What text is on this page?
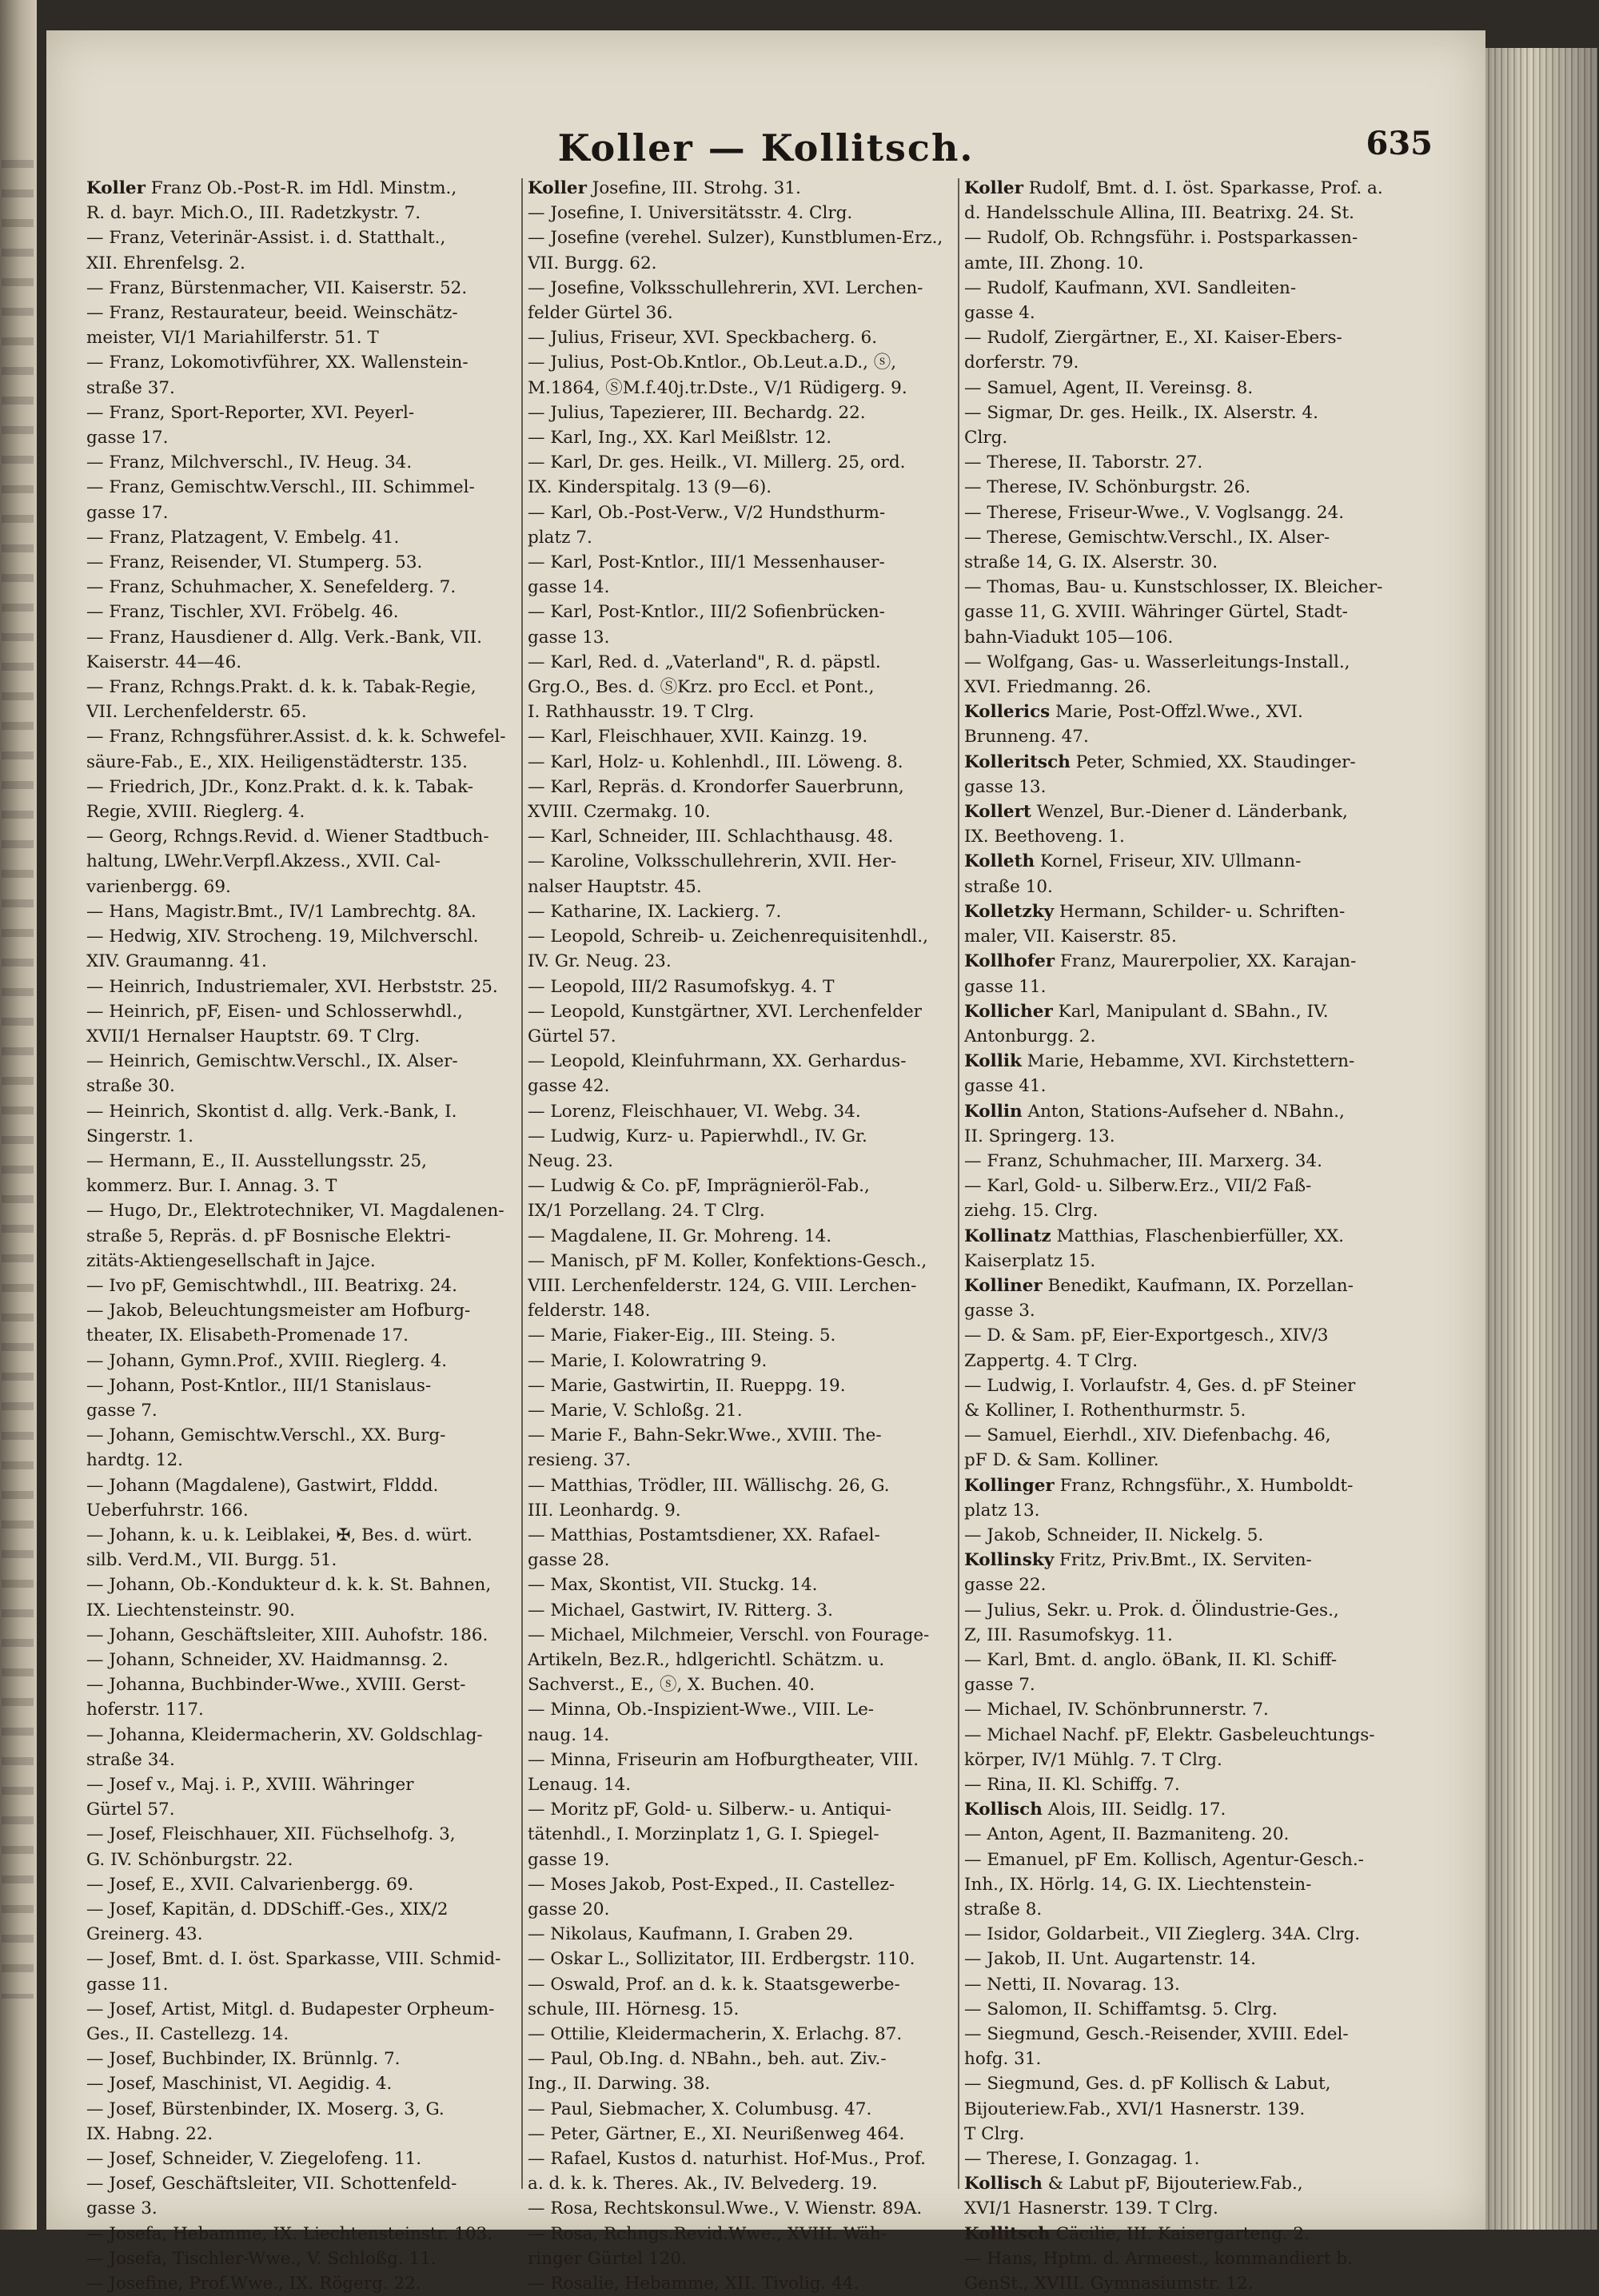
Koller — Kollitsch.	635
Koller Franz Ob.-Post-R. im Hdl. Minstm.,
R. d. bayr. Mich.O., III. Radetzkystr. 7.
— Franz, Veterinär-Assist. i. d. Statthalt.,
XII. Ehrenfelsg. 2.
— Franz, Bürstenmacher, VII. Kaiserstr. 52.
— Franz, Restaurateur, beeid. Weinschätz-
meister, VI/1 Mariahilferstr. 51. T
— Franz, Lokomotivführer, XX. Wallenstein-
straße 37.
— Franz, Sport-Reporter, XVI. Peyerl-
gasse 17.
— Franz, Milchverschl., IV. Heug. 34.
— Franz, Gemischtw.Verschl., III. Schimmel-
gasse 17.
— Franz, Platzagent, V. Embelg. 41.
— Franz, Reisender, VI. Stumperg. 53.
— Franz, Schuhmacher, X. Senefelderg. 7.
— Franz, Tischler, XVI. Fröbelg. 46.
— Franz, Hausdiener d. Allg. Verk.-Bank, VII.
Kaiserstr. 44—46.
— Franz, Rchngs.Prakt. d. k. k. Tabak-Regie,
VII. Lerchenfelderstr. 65.
— Franz, Rchngsführer.Assist. d. k. k. Schwefel-
säure-Fab., E., XIX. Heiligenstädterstr. 135.
— Friedrich, JDr., Konz.Prakt. d. k. k. Tabak-
Regie, XVIII. Rieglerg. 4.
— Georg, Rchngs.Revid. d. Wiener Stadtbuch-
haltung, LWehr.Verpfl.Akzess., XVII. Cal-
varienbergg. 69.
— Hans, Magistr.Bmt., IV/1 Lambrechtg. 8A.
— Hedwig, XIV. Strocheng. 19, Milchverschl.
XIV. Graumanng. 41.
— Heinrich, Industriemaler, XVI. Herbststr. 25.
— Heinrich, pF, Eisen- und Schlosserwhdl.,
XVII/1 Hernalser Hauptstr. 69. T Clrg.
— Heinrich, Gemischtw.Verschl., IX. Alser-
straße 30.
— Heinrich, Skontist d. allg. Verk.-Bank, I.
Singerstr. 1.
— Hermann, E., II. Ausstellungsstr. 25,
kommerz. Bur. I. Annag. 3. T
— Hugo, Dr., Elektrotechniker, VI. Magdalenen-
straße 5, Repräs. d. pF Bosnische Elektri-
zitäts-Aktiengesellschaft in Jajce.
— Ivo pF, Gemischtwhdl., III. Beatrixg. 24.
— Jakob, Beleuchtungsmeister am Hofburg-
theater, IX. Elisabeth-Promenade 17.
— Johann, Gymn.Prof., XVIII. Rieglerg. 4.
— Johann, Post-Kntlor., III/1 Stanislaus-
gasse 7.
— Johann, Gemischtw.Verschl., XX. Burg-
hardtg. 12.
— Johann (Magdalene), Gastwirt, Flddd.
Ueberfuhrstr. 166.
— Johann, k. u. k. Leiblakei, ✠, Bes. d. würt.
silb. Verd.M., VII. Burgg. 51.
— Johann, Ob.-Kondukteur d. k. k. St. Bahnen,
IX. Liechtensteinstr. 90.
— Johann, Geschäftsleiter, XIII. Auhofstr. 186.
— Johann, Schneider, XV. Haidmannsg. 2.
— Johanna, Buchbinder-Wwe., XVIII. Gerst-
hoferstr. 117.
— Johanna, Kleidermacherin, XV. Goldschlag-
straße 34.
— Josef v., Maj. i. P., XVIII. Währinger
Gürtel 57.
— Josef, Fleischhauer, XII. Füchselhofg. 3,
G. IV. Schönburgstr. 22.
— Josef, E., XVII. Calvarienbergg. 69.
— Josef, Kapitän, d. DDSchiff.-Ges., XIX/2
Greinerg. 43.
— Josef, Bmt. d. I. öst. Sparkasse, VIII. Schmid-
gasse 11.
— Josef, Artist, Mitgl. d. Budapester Orpheum-
Ges., II. Castellezg. 14.
— Josef, Buchbinder, IX. Brünnlg. 7.
— Josef, Maschinist, VI. Aegidig. 4.
— Josef, Bürstenbinder, IX. Moserg. 3, G.
IX. Habng. 22.
— Josef, Schneider, V. Ziegelofeng. 11.
— Josef, Geschäftsleiter, VII. Schottenfeld-
gasse 3.
— Josefa, Hebamme, IX. Liechtensteinstr. 103.
— Josefa, Tischler-Wwe., V. Schloßg. 11.
— Josefine, Prof.Wwe., IX. Rögerg. 22.
Koller Josefine, III. Strohg. 31.
— Josefine, I. Universitätsstr. 4. Clrg.
— Josefine (verehel. Sulzer), Kunstblumen-Erz.,
VII. Burgg. 62.
— Josefine, Volksschullehrerin, XVI. Lerchen-
felder Gürtel 36.
— Julius, Friseur, XVI. Speckbacherg. 6.
— Julius, Post-Ob.Kntlor., Ob.Leut.a.D., ⓢ,
M.1864, ⓈM.f.40j.tr.Dste., V/1 Rüdigerg. 9.
— Julius, Tapezierer, III. Bechardg. 22.
— Karl, Ing., XX. Karl Meißlstr. 12.
— Karl, Dr. ges. Heilk., VI. Millerg. 25, ord.
IX. Kinderspitalg. 13 (9—6).
— Karl, Ob.-Post-Verw., V/2 Hundsthurm-
platz 7.
— Karl, Post-Kntlor., III/1 Messenhauser-
gasse 14.
— Karl, Post-Kntlor., III/2 Sofienbrücken-
gasse 13.
— Karl, Red. d. „Vaterland", R. d. päpstl.
Grg.O., Bes. d. ⓈKrz. pro Eccl. et Pont.,
I. Rathhausstr. 19. T Clrg.
— Karl, Fleischhauer, XVII. Kainzg. 19.
— Karl, Holz- u. Kohlenhdl., III. Löweng. 8.
— Karl, Repräs. d. Krondorfer Sauerbrunn,
XVIII. Czermakg. 10.
— Karl, Schneider, III. Schlachthausg. 48.
— Karoline, Volksschullehrerin, XVII. Her-
nalser Hauptstr. 45.
— Katharine, IX. Lackierg. 7.
— Leopold, Schreib- u. Zeichenrequisitenhdl.,
IV. Gr. Neug. 23.
— Leopold, III/2 Rasumofskyg. 4. T
— Leopold, Kunstgärtner, XVI. Lerchenfelder
Gürtel 57.
— Leopold, Kleinfuhrmann, XX. Gerhardus-
gasse 42.
— Lorenz, Fleischhauer, VI. Webg. 34.
— Ludwig, Kurz- u. Papierwhdl., IV. Gr.
Neug. 23.
— Ludwig & Co. pF, Imprägnieröl-Fab.,
IX/1 Porzellang. 24. T Clrg.
— Magdalene, II. Gr. Mohreng. 14.
— Manisch, pF M. Koller, Konfektions-Gesch.,
VIII. Lerchenfelderstr. 124, G. VIII. Lerchen-
felderstr. 148.
— Marie, Fiaker-Eig., III. Steing. 5.
— Marie, I. Kolowratring 9.
— Marie, Gastwirtin, II. Rueppg. 19.
— Marie, V. Schloßg. 21.
— Marie F., Bahn-Sekr.Wwe., XVIII. The-
resieng. 37.
— Matthias, Trödler, III. Wällischg. 26, G.
III. Leonhardg. 9.
— Matthias, Postamtsdiener, XX. Rafael-
gasse 28.
— Max, Skontist, VII. Stuckg. 14.
— Michael, Gastwirt, IV. Ritterg. 3.
— Michael, Milchmeier, Verschl. von Fourage-
Artikeln, Bez.R., hdlgerichtl. Schätzm. u.
Sachverst., E., ⓢ, X. Buchen. 40.
— Minna, Ob.-Inspizient-Wwe., VIII. Le-
naug. 14.
— Minna, Friseurin am Hofburgtheater, VIII.
Lenaug. 14.
— Moritz pF, Gold- u. Silberw.- u. Antiqui-
tätenhdl., I. Morzinplatz 1, G. I. Spiegel-
gasse 19.
— Moses Jakob, Post-Exped., II. Castellez-
gasse 20.
— Nikolaus, Kaufmann, I. Graben 29.
— Oskar L., Sollizitator, III. Erdbergstr. 110.
— Oswald, Prof. an d. k. k. Staatsgewerbe-
schule, III. Hörnesg. 15.
— Ottilie, Kleidermacherin, X. Erlachg. 87.
— Paul, Ob.Ing. d. NBahn., beh. aut. Ziv.-
Ing., II. Darwing. 38.
— Paul, Siebmacher, X. Columbusg. 47.
— Peter, Gärtner, E., XI. Neurißenweg 464.
— Rafael, Kustos d. naturhist. Hof-Mus., Prof.
a. d. k. k. Theres. Ak., IV. Belvederg. 19.
— Rosa, Rechtskonsul.Wwe., V. Wienstr. 89A.
— Rosa, Rchngs.Revid.Wwe., XVIII. Wäh-
ringer Gürtel 120.
— Rosalie, Hebamme, XII. Tivolig. 44.
Koller Rudolf, Bmt. d. I. öst. Sparkasse, Prof. a.
d. Handelsschule Allina, III. Beatrixg. 24. St.
— Rudolf, Ob. Rchngsführ. i. Postsparkassen-
amte, III. Zhong. 10.
— Rudolf, Kaufmann, XVI. Sandleiten-
gasse 4.
— Rudolf, Ziergärtner, E., XI. Kaiser-Ebers-
dorferstr. 79.
— Samuel, Agent, II. Vereinsg. 8.
— Sigmar, Dr. ges. Heilk., IX. Alserstr. 4.
Clrg.
— Therese, II. Taborstr. 27.
— Therese, IV. Schönburgstr. 26.
— Therese, Friseur-Wwe., V. Voglsangg. 24.
— Therese, Gemischtw.Verschl., IX. Alser-
straße 14, G. IX. Alserstr. 30.
— Thomas, Bau- u. Kunstschlosser, IX. Bleicher-
gasse 11, G. XVIII. Währinger Gürtel, Stadt-
bahn-Viadukt 105—106.
— Wolfgang, Gas- u. Wasserleitungs-Install.,
XVI. Friedmanng. 26.
Kollerics Marie, Post-Offzl.Wwe., XVI.
Brunneng. 47.
Kolleritsch Peter, Schmied, XX. Staudinger-
gasse 13.
Kollert Wenzel, Bur.-Diener d. Länderbank,
IX. Beethoveng. 1.
Kolleth Kornel, Friseur, XIV. Ullmann-
straße 10.
Kolletzky Hermann, Schilder- u. Schriften-
maler, VII. Kaiserstr. 85.
Kollhofer Franz, Maurerpolier, XX. Karajan-
gasse 11.
Kollicher Karl, Manipulant d. SBahn., IV.
Antonburgg. 2.
Kollik Marie, Hebamme, XVI. Kirchstettern-
gasse 41.
Kollin Anton, Stations-Aufseher d. NBahn.,
II. Springerg. 13.
— Franz, Schuhmacher, III. Marxerg. 34.
— Karl, Gold- u. Silberw.Erz., VII/2 Faß-
ziehg. 15. Clrg.
Kollinatz Matthias, Flaschenbierfüller, XX.
Kaiserplatz 15.
Kolliner Benedikt, Kaufmann, IX. Porzellan-
gasse 3.
— D. & Sam. pF, Eier-Exportgesch., XIV/3
Zappertg. 4. T Clrg.
— Ludwig, I. Vorlaufstr. 4, Ges. d. pF Steiner
& Kolliner, I. Rothenthurmstr. 5.
— Samuel, Eierhdl., XIV. Diefenbachg. 46,
pF D. & Sam. Kolliner.
Kollinger Franz, Rchngsführ., X. Humboldt-
platz 13.
— Jakob, Schneider, II. Nickelg. 5.
Kollinsky Fritz, Priv.Bmt., IX. Serviten-
gasse 22.
— Julius, Sekr. u. Prok. d. Ölindustrie-Ges.,
Z, III. Rasumofskyg. 11.
— Karl, Bmt. d. anglo. öBank, II. Kl. Schiff-
gasse 7.
— Michael, IV. Schönbrunnerstr. 7.
— Michael Nachf. pF, Elektr. Gasbeleuchtungs-
körper, IV/1 Mühlg. 7. T Clrg.
— Rina, II. Kl. Schiffg. 7.
Kollisch Alois, III. Seidlg. 17.
— Anton, Agent, II. Bazmaniteng. 20.
— Emanuel, pF Em. Kollisch, Agentur-Gesch.-
Inh., IX. Hörlg. 14, G. IX. Liechtenstein-
straße 8.
— Isidor, Goldarbeit., VII Zieglerg. 34A. Clrg.
— Jakob, II. Unt. Augartenstr. 14.
— Netti, II. Novarag. 13.
— Salomon, II. Schiffamtsg. 5. Clrg.
— Siegmund, Gesch.-Reisender, XVIII. Edel-
hofg. 31.
— Siegmund, Ges. d. pF Kollisch & Labut,
Bijouteriew.Fab., XVI/1 Hasnerstr. 139.
T Clrg.
— Therese, I. Gonzagag. 1.
Kollisch & Labut pF, Bijouteriew.Fab.,
XVI/1 Hasnerstr. 139. T Clrg.
Kollitsch Cäcilie, III. Kaisergarteng. 2.
— Hans, Hptm. d. Armeest., kommandiert b.
GenSt., XVIII. Gymnasiumstr. 12.
